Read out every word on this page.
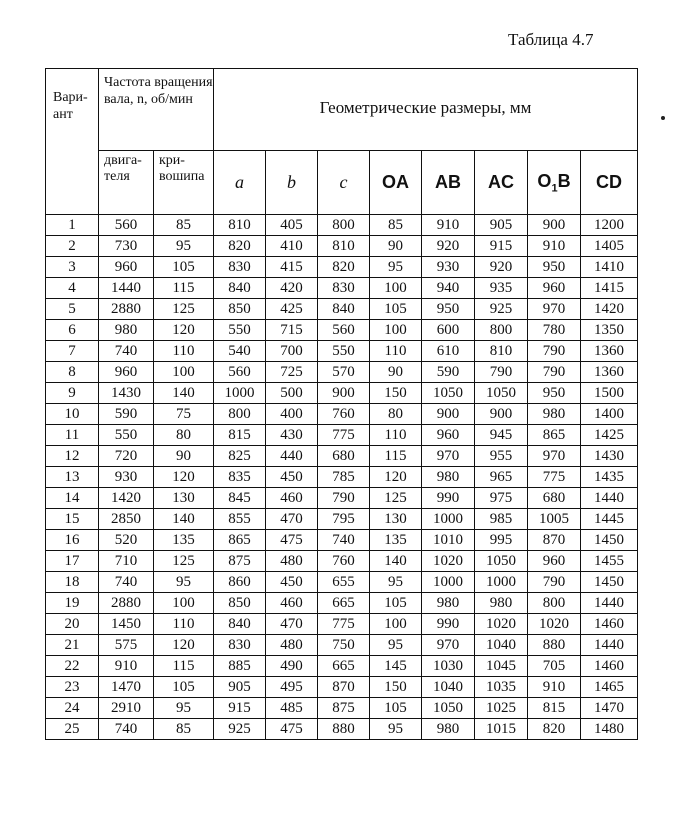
Таблица 4.7
Вари-ант	Частота вращения вала, n, об/мин		Геометрические размеры, мм							
	двига-теля	кри-вошипа	a	b	c	OA	AB	AC	$O_1B$	CD
1	560	85	810	405	800	85	910	905	900	1200
2	730	95	820	410	810	90	920	915	910	1405
3	960	105	830	415	820	95	930	920	950	1410
4	1440	115	840	420	830	100	940	935	960	1415
5	2880	125	850	425	840	105	950	925	970	1420
6	980	120	550	715	560	100	600	800	780	1350
7	740	110	540	700	550	110	610	810	790	1360
8	960	100	560	725	570	90	590	790	790	1360
9	1430	140	1000	500	900	150	1050	1050	950	1500
10	590	75	800	400	760	80	900	900	980	1400
11	550	80	815	430	775	110	960	945	865	1425
12	720	90	825	440	680	115	970	955	970	1430
13	930	120	835	450	785	120	980	965	775	1435
14	1420	130	845	460	790	125	990	975	680	1440
15	2850	140	855	470	795	130	1000	985	1005	1445
16	520	135	865	475	740	135	1010	995	870	1450
17	710	125	875	480	760	140	1020	1050	960	1455
18	740	95	860	450	655	95	1000	1000	790	1450
19	2880	100	850	460	665	105	980	980	800	1440
20	1450	110	840	470	775	100	990	1020	1020	1460
21	575	120	830	480	750	95	970	1040	880	1440
22	910	115	885	490	665	145	1030	1045	705	1460
23	1470	105	905	495	870	150	1040	1035	910	1465
24	2910	95	915	485	875	105	1050	1025	815	1470
25	740	85	925	475	880	95	980	1015	820	1480
